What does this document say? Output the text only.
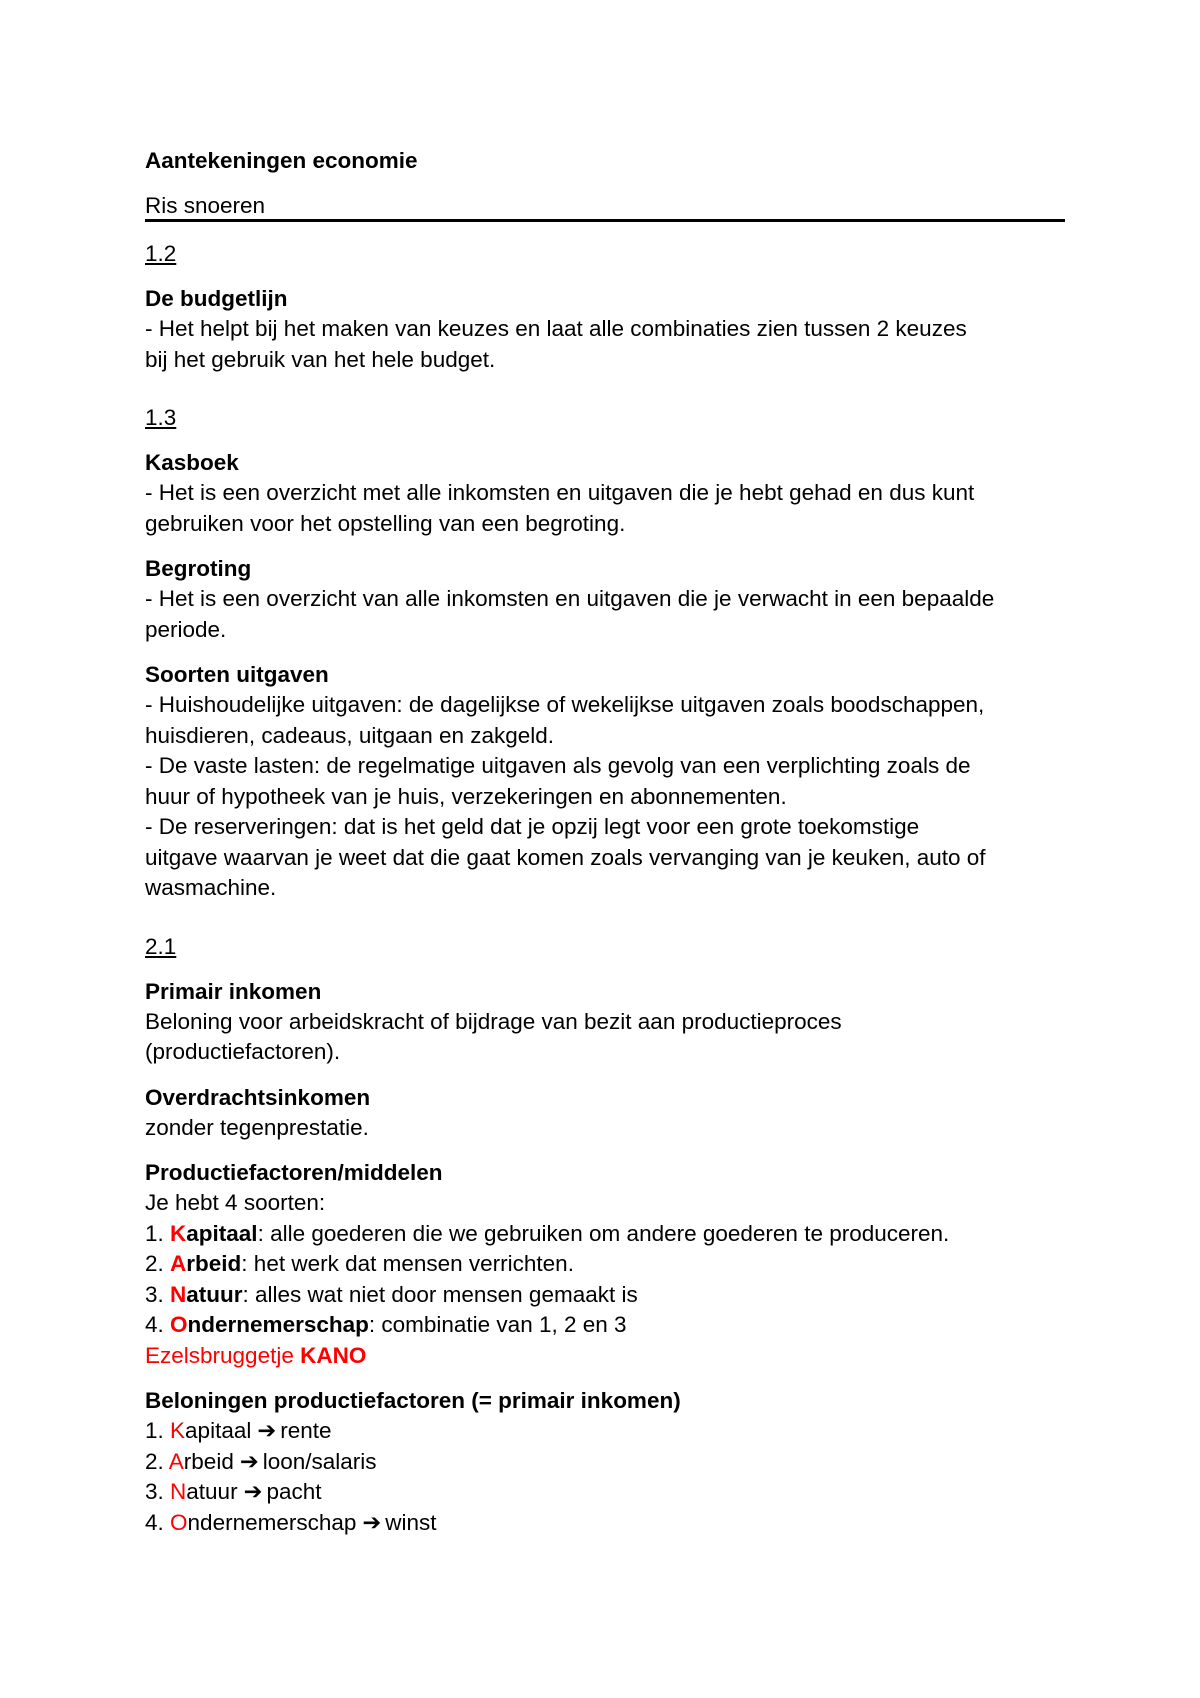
Aantekeningen economie
Ris snoeren
1.2
De budgetlijn
- Het helpt bij het maken van keuzes en laat alle combinaties zien tussen 2 keuzes
bij het gebruik van het hele budget.
1.3
Kasboek
- Het is een overzicht met alle inkomsten en uitgaven die je hebt gehad en dus kunt
gebruiken voor het opstelling van een begroting.
Begroting
- Het is een overzicht van alle inkomsten en uitgaven die je verwacht in een bepaalde
periode.
Soorten uitgaven
- Huishoudelijke uitgaven: de dagelijkse of wekelijkse uitgaven zoals boodschappen,
huisdieren, cadeaus, uitgaan en zakgeld.
- De vaste lasten: de regelmatige uitgaven als gevolg van een verplichting zoals de
huur of hypotheek van je huis, verzekeringen en abonnementen.
- De reserveringen: dat is het geld dat je opzij legt voor een grote toekomstige
uitgave waarvan je weet dat die gaat komen zoals vervanging van je keuken, auto of
wasmachine.
2.1
Primair inkomen
Beloning voor arbeidskracht of bijdrage van bezit aan productieproces
(productiefactoren).
Overdrachtsinkomen
zonder tegenprestatie.
Productiefactoren/middelen
Je hebt 4 soorten:
1. Kapitaal: alle goederen die we gebruiken om andere goederen te produceren.
2. Arbeid: het werk dat mensen verrichten.
3. Natuur: alles wat niet door mensen gemaakt is
4. Ondernemerschap: combinatie van 1, 2 en 3
Ezelsbruggetje KANO
Beloningen productiefactoren (= primair inkomen)
1. Kapitaal ➔ rente
2. Arbeid ➔ loon/salaris
3. Natuur ➔ pacht
4. Ondernemerschap ➔ winst
